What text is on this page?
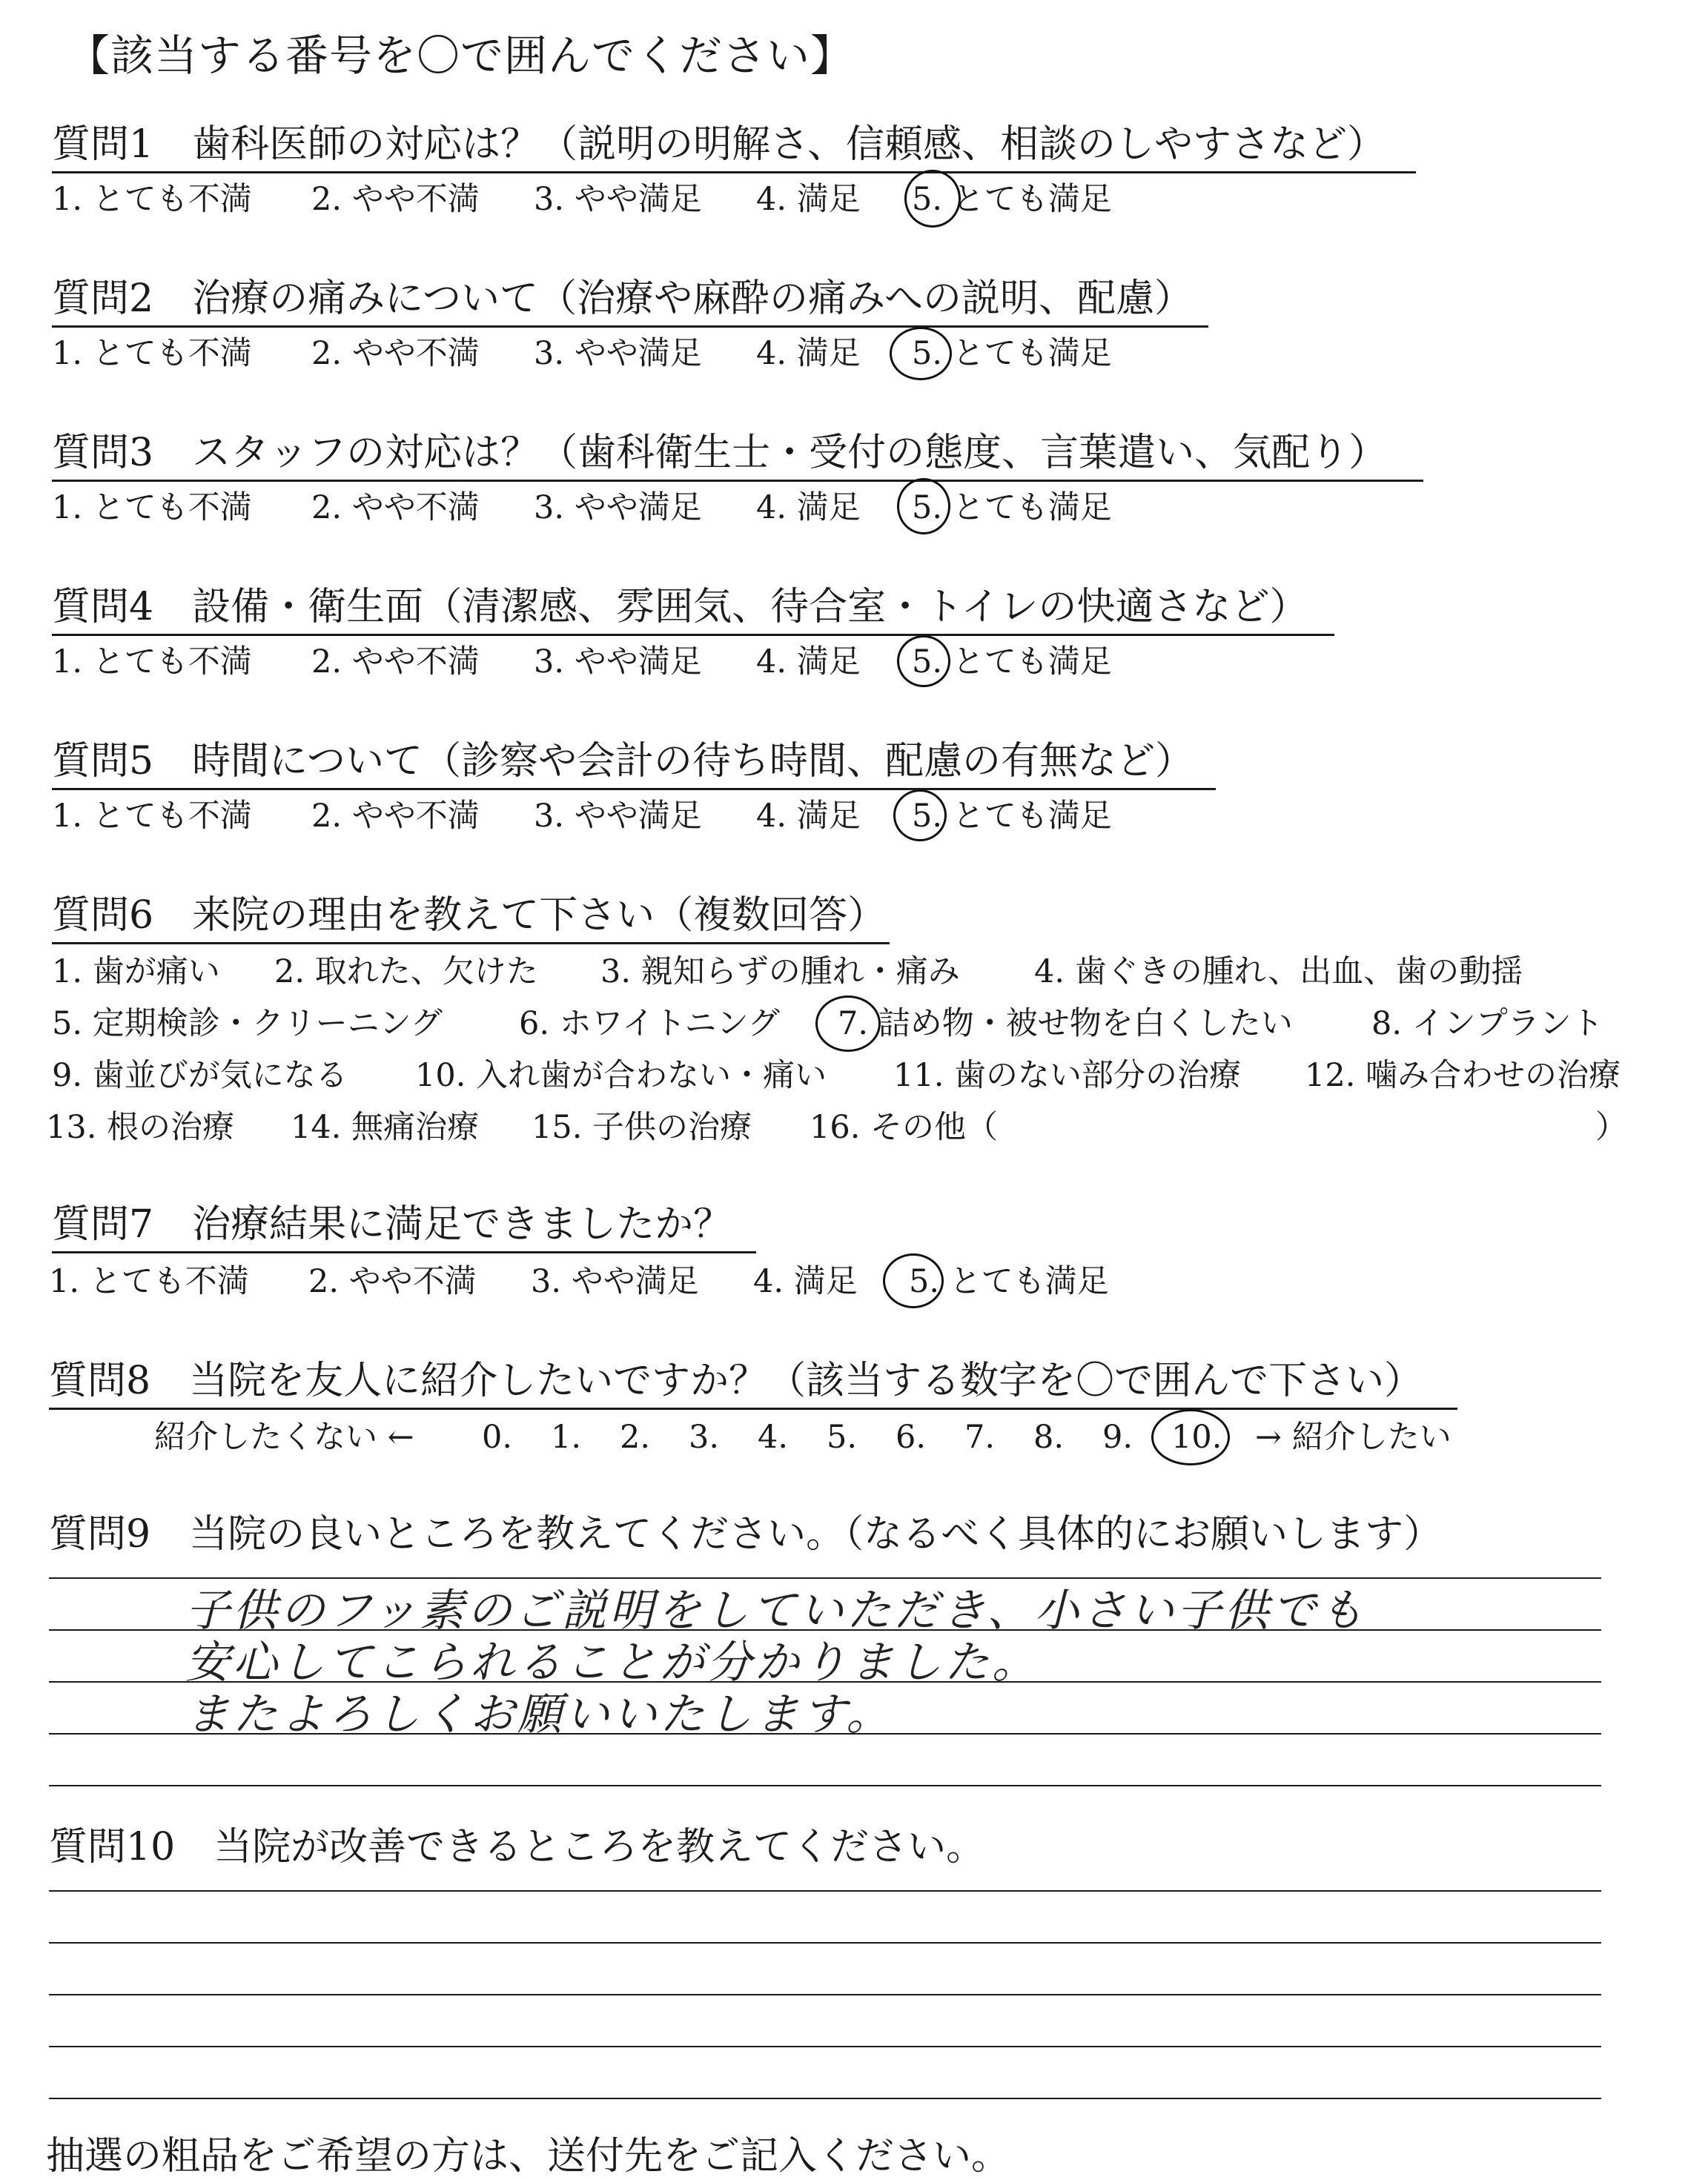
【該当する番号を〇で囲んでください】
質問1　歯科医師の対応は？（説明の明解さ、信頼感、相談のしやすさなど）
1. とても不満 2. やや不満 3. やや満足 4. 満足 5. とても満足
質問2　治療の痛みについて（治療や麻酔の痛みへの説明、配慮）
1. とても不満 2. やや不満 3. やや満足 4. 満足 5. とても満足
質問3　スタッフの対応は？（歯科衛生士・受付の態度、言葉遣い、気配り）
1. とても不満 2. やや不満 3. やや満足 4. 満足 5. とても満足
質問4　設備・衛生面（清潔感、雰囲気、待合室・トイレの快適さなど）
1. とても不満 2. やや不満 3. やや満足 4. 満足 5. とても満足
質問5　時間について（診察や会計の待ち時間、配慮の有無など）
1. とても不満 2. やや不満 3. やや満足 4. 満足 5. とても満足
質問6　来院の理由を教えて下さい（複数回答）
1. 歯が痛い 2. 取れた、欠けた 3. 親知らずの腫れ・痛み 4. 歯ぐきの腫れ、出血、歯の動揺
5. 定期検診・クリーニング 6. ホワイトニング 7. 詰め物・被せ物を白くしたい 8. インプラント
9. 歯並びが気になる 10. 入れ歯が合わない・痛い 11. 歯のない部分の治療 12. 噛み合わせの治療
13. 根の治療 14. 無痛治療 15. 子供の治療 16. その他（	）
質問7　治療結果に満足できましたか？
1. とても不満 2. やや不満 3. やや満足 4. 満足 5. とても満足
質問8　当院を友人に紹介したいですか？（該当する数字を〇で囲んで下さい）
紹介したくない ← 0. 1. 2. 3. 4. 5. 6. 7. 8. 9. 10. → 紹介したい
質問9　当院の良いところを教えてください。（なるべく具体的にお願いします）
子供のフッ素のご説明をしていただき、小さい子供でも
安心してこられることが分かりました。
またよろしくお願いいたします。
質問10　当院が改善できるところを教えてください。
抽選の粗品をご希望の方は、送付先をご記入ください。
